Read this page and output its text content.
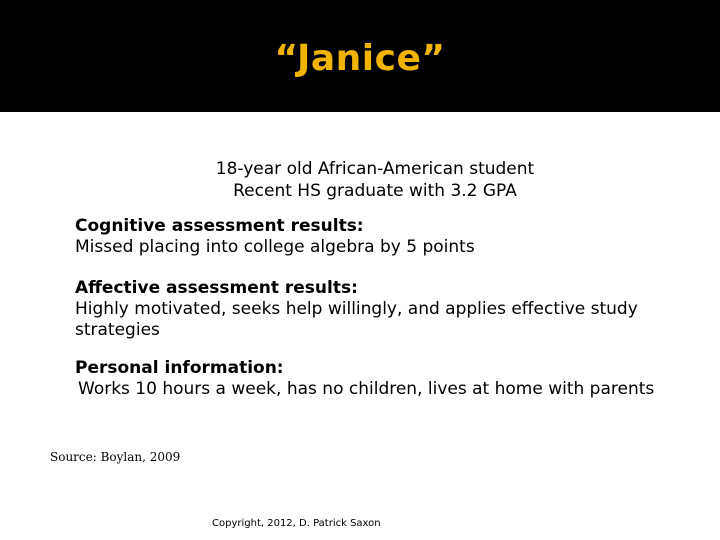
“Janice”
18-year old African-American student
Recent HS graduate with 3.2 GPA
Cognitive assessment results:
Missed placing into college algebra by 5 points
Affective assessment results:
Highly motivated, seeks help willingly, and applies effective study strategies
Personal information:
Works 10 hours a week, has no children, lives at home with parents
Source: Boylan, 2009
Copyright, 2012, D. Patrick Saxon
